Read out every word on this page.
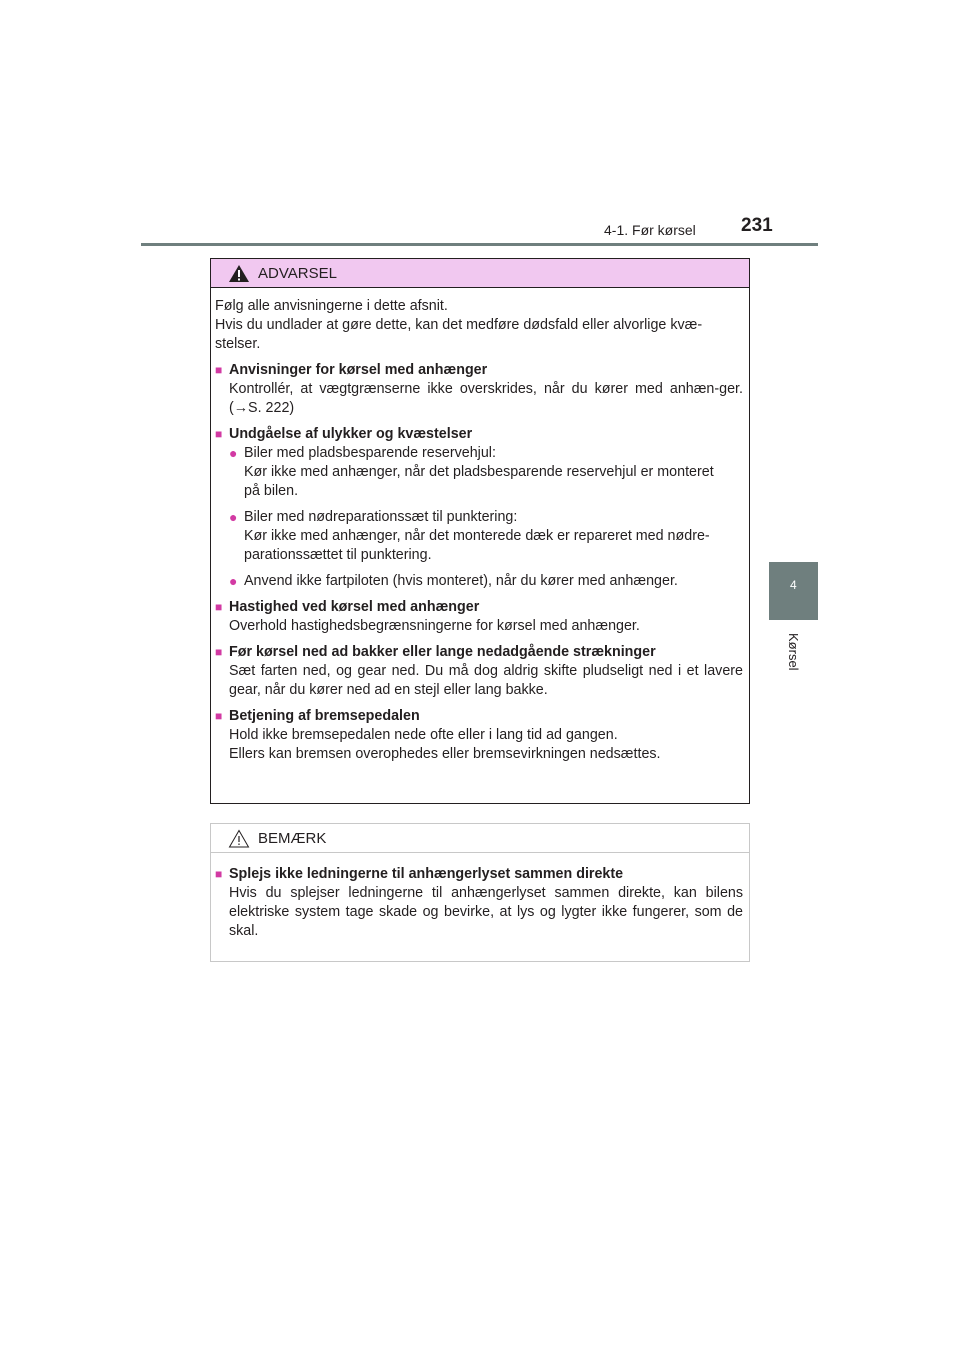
4-1. Før kørsel 231
4
Kørsel
ADVARSEL
Følg alle anvisningerne i dette afsnit.
Hvis du undlader at gøre dette, kan det medføre dødsfald eller alvorlige kvæ-
stelser.
■ Anvisninger for kørsel med anhænger
Kontrollér, at vægtgrænserne ikke overskrides, når du kører med anhæn-ger. (→S. 222)
■ Undgåelse af ulykker og kvæstelser
● Biler med pladsbesparende reservehjul:
Kør ikke med anhænger, når det pladsbesparende reservehjul er monteret
på bilen.
● Biler med nødreparationssæt til punktering:
Kør ikke med anhænger, når det monterede dæk er repareret med nødre-
parationssættet til punktering.
● Anvend ikke fartpiloten (hvis monteret), når du kører med anhænger.
■ Hastighed ved kørsel med anhænger
Overhold hastighedsbegrænsningerne for kørsel med anhænger.
■ Før kørsel ned ad bakker eller lange nedadgående strækninger
Sæt farten ned, og gear ned. Du må dog aldrig skifte pludseligt ned i et lavere gear, når du kører ned ad en stejl eller lang bakke.
■ Betjening af bremsepedalen
Hold ikke bremsepedalen nede ofte eller i lang tid ad gangen.
Ellers kan bremsen overophedes eller bremsevirkningen nedsættes.
BEMÆRK
■ Splejs ikke ledningerne til anhængerlyset sammen direkte
Hvis du splejser ledningerne til anhængerlyset sammen direkte, kan bilens elektriske system tage skade og bevirke, at lys og lygter ikke fungerer, som de skal.
